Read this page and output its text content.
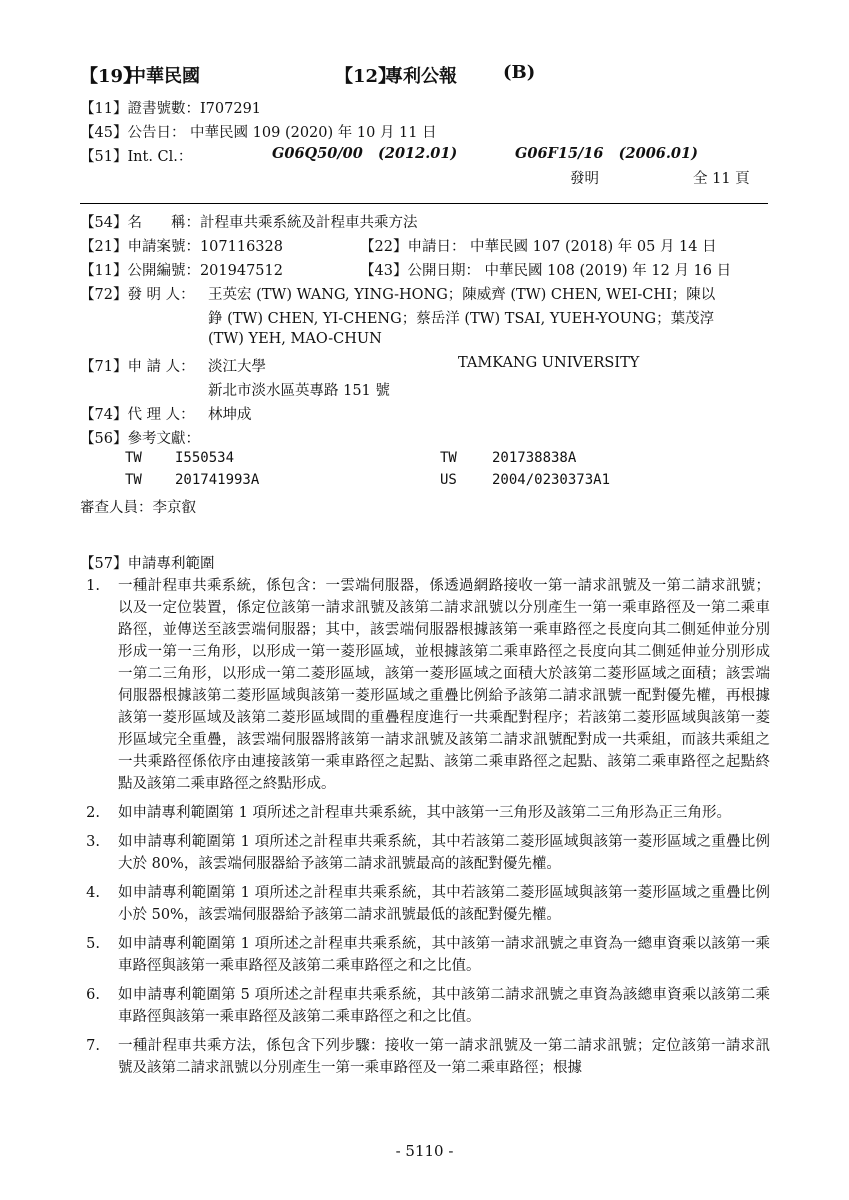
【19】
中華民國	【12】
專利公報	(B)
【11】證書號數：I707291
【45】公告日： 中華民國 109 (2020) 年 10 月 11 日
【51】Int. Cl.：	G06Q50/00   (2012.01)	G06F15/16   (2006.01)
發明	全 11 頁
【54】名　　稱：計程車共乘系統及計程車共乘方法
【21】申請案號：107116328	【22】申請日： 中華民國 107 (2018) 年 05 月 14 日
【11】公開編號：201947512	【43】公開日期： 中華民國 108 (2019) 年 12 月 16 日
【72】發 明 人： 王英宏 (TW) WANG, YING-HONG；陳威齊 (TW) CHEN, WEI-CHI；陳以
錚 (TW) CHEN, YI-CHENG；蔡岳洋 (TW) TSAI, YUEH-YOUNG；葉茂淳
(TW) YEH, MAO-CHUN
【71】申 請 人： 淡江大學	TAMKANG UNIVERSITY
新北市淡水區英專路 151 號
【74】代 理 人： 林坤成
【56】參考文獻：
TW I550534	TW	201738838A
TW 201741993A	US	2004/0230373A1
審查人員：李京叡
【57】申請專利範圍
1.	一種計程車共乘系統，係包含：一雲端伺服器，係透過網路接收一第一請求訊號及一第二請求訊號；以及一定位裝置，係定位該第一請求訊號及該第二請求訊號以分別產生一第一乘車路徑及一第二乘車路徑，並傳送至該雲端伺服器；其中，該雲端伺服器根據該第一乘車路徑之長度向其二側延伸並分別形成一第一三角形，以形成一第一菱形區域，並根據該第二乘車路徑之長度向其二側延伸並分別形成一第二三角形，以形成一第二菱形區域，該第一菱形區域之面積大於該第二菱形區域之面積；該雲端伺服器根據該第二菱形區域與該第一菱形區域之重疊比例給予該第二請求訊號一配對優先權，再根據該第一菱形區域及該第二菱形區域間的重疊程度進行一共乘配對程序；若該第二菱形區域與該第一菱形區域完全重疊，該雲端伺服器將該第一請求訊號及該第二請求訊號配對成一共乘組，而該共乘組之一共乘路徑係依序由連接該第一乘車路徑之起點、該第二乘車路徑之起點、該第二乘車路徑之起點終點及該第二乘車路徑之終點形成。
2.	如申請專利範圍第 1 項所述之計程車共乘系統，其中該第一三角形及該第二三角形為正三角形。
3.	如申請專利範圍第 1 項所述之計程車共乘系統，其中若該第二菱形區域與該第一菱形區域之重疊比例大於 80%，該雲端伺服器給予該第二請求訊號最高的該配對優先權。
4.	如申請專利範圍第 1 項所述之計程車共乘系統，其中若該第二菱形區域與該第一菱形區域之重疊比例小於 50%，該雲端伺服器給予該第二請求訊號最低的該配對優先權。
5.	如申請專利範圍第 1 項所述之計程車共乘系統，其中該第一請求訊號之車資為一總車資乘以該第一乘車路徑與該第一乘車路徑及該第二乘車路徑之和之比值。
6.	如申請專利範圍第 5 項所述之計程車共乘系統，其中該第二請求訊號之車資為該總車資乘以該第二乘車路徑與該第一乘車路徑及該第二乘車路徑之和之比值。
7.	一種計程車共乘方法，係包含下列步驟：接收一第一請求訊號及一第二請求訊號；定位該第一請求訊號及該第二請求訊號以分別產生一第一乘車路徑及一第二乘車路徑；根據
- 5110 -
